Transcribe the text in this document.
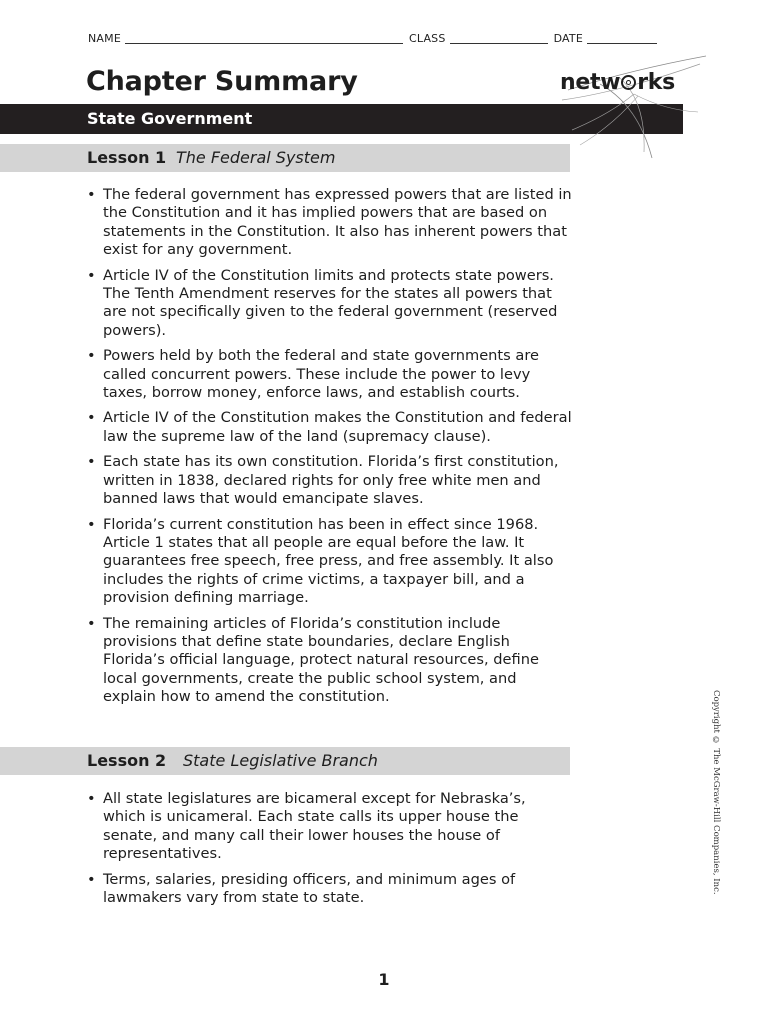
NAME	CLASS	DATE
Chapter Summary	netw rks
State Government
Lesson 1 The Federal System
• The federal government has expressed powers that are listed in the Constitution and it has implied powers that are based on statements in the Constitution. It also has inherent powers that exist for any government.
• Article IV of the Constitution limits and protects state powers. The Tenth Amendment reserves for the states all powers that are not specifically given to the federal government (reserved powers).
• Powers held by both the federal and state governments are called concurrent powers. These include the power to levy taxes, borrow money, enforce laws, and establish courts.
• Article IV of the Constitution makes the Constitution and federal law the supreme law of the land (supremacy clause).
• Each state has its own constitution. Florida’s first constitution, written in 1838, declared rights for only free white men and banned laws that would emancipate slaves.
• Florida’s current constitution has been in effect since 1968. Article 1 states that all people are equal before the law. It guarantees free speech, free press, and free assembly. It also includes the rights of crime victims, a taxpayer bill, and a provision defining marriage.
• The remaining articles of Florida’s constitution include provisions that define state boundaries, declare English Florida’s official language, protect natural resources, define local governments, create the public school system, and explain how to amend the constitution.
Lesson 2 State Legislative Branch
• All state legislatures are bicameral except for Nebraska’s, which is unicameral. Each state calls its upper house the senate, and many call their lower houses the house of representatives.
• Terms, salaries, presiding officers, and minimum ages of lawmakers vary from state to state.
Copyright © The McGraw-Hill Companies, Inc.
1
